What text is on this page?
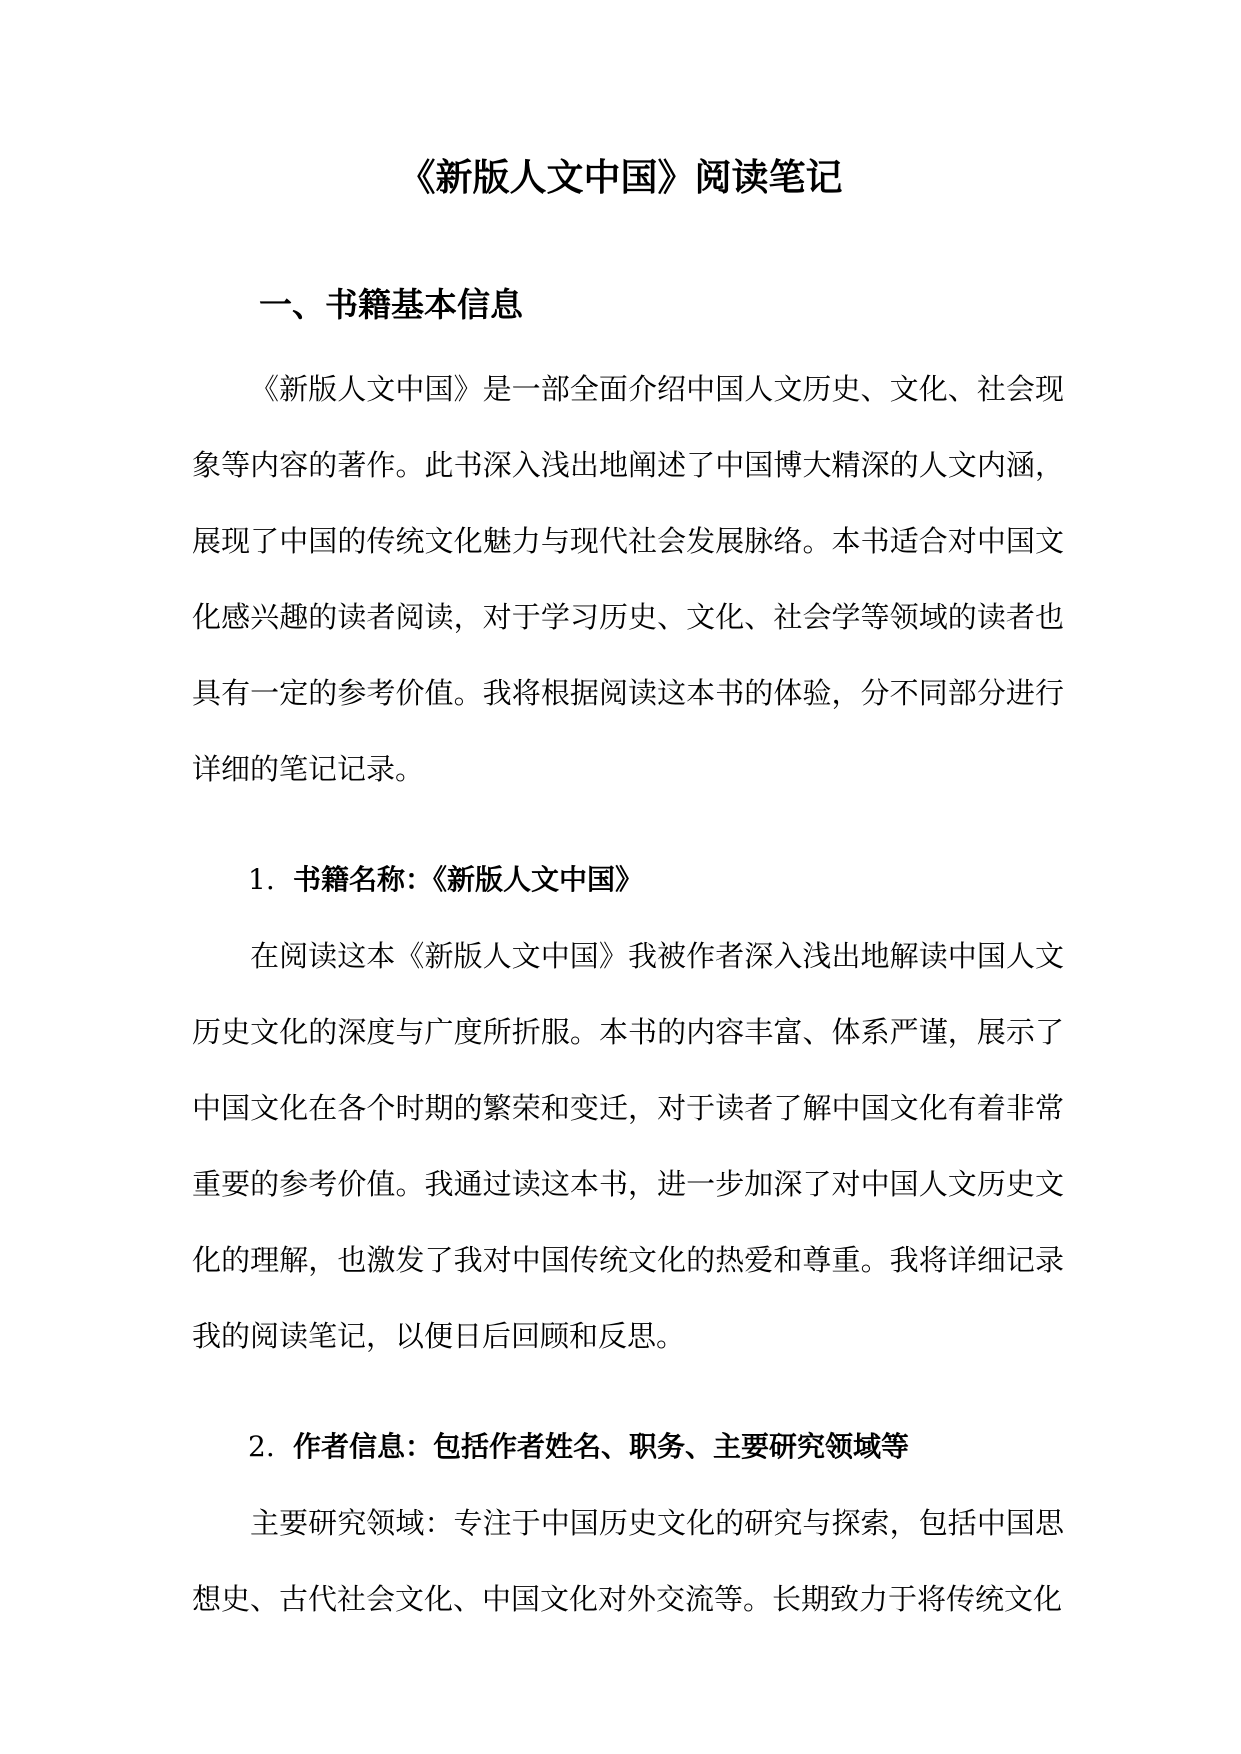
《新版人文中国》阅读笔记
一、书籍基本信息

《新版人文中国》是一部全面介绍中国人文历史、文化、社会现象等内容的著作。此书深入浅出地阐述了中国博大精深的人文内涵，展现了中国的传统文化魅力与现代社会发展脉络。本书适合对中国文化感兴趣的读者阅读，对于学习历史、文化、社会学等领域的读者也具有一定的参考价值。我将根据阅读这本书的体验，分不同部分进行详细的笔记记录。

1. 书籍名称：《新版人文中国》

在阅读这本《新版人文中国》我被作者深入浅出地解读中国人文历史文化的深度与广度所折服。本书的内容丰富、体系严谨，展示了中国文化在各个时期的繁荣和变迁，对于读者了解中国文化有着非常重要的参考价值。我通过读这本书，进一步加深了对中国人文历史文化的理解，也激发了我对中国传统文化的热爱和尊重。我将详细记录我的阅读笔记，以便日后回顾和反思。

2. 作者信息：包括作者姓名、职务、主要研究领域等

主要研究领域：专注于中国历史文化的研究与探索，包括中国思想史、古代社会文化、中国文化对外交流等。长期致力于将传统文化
